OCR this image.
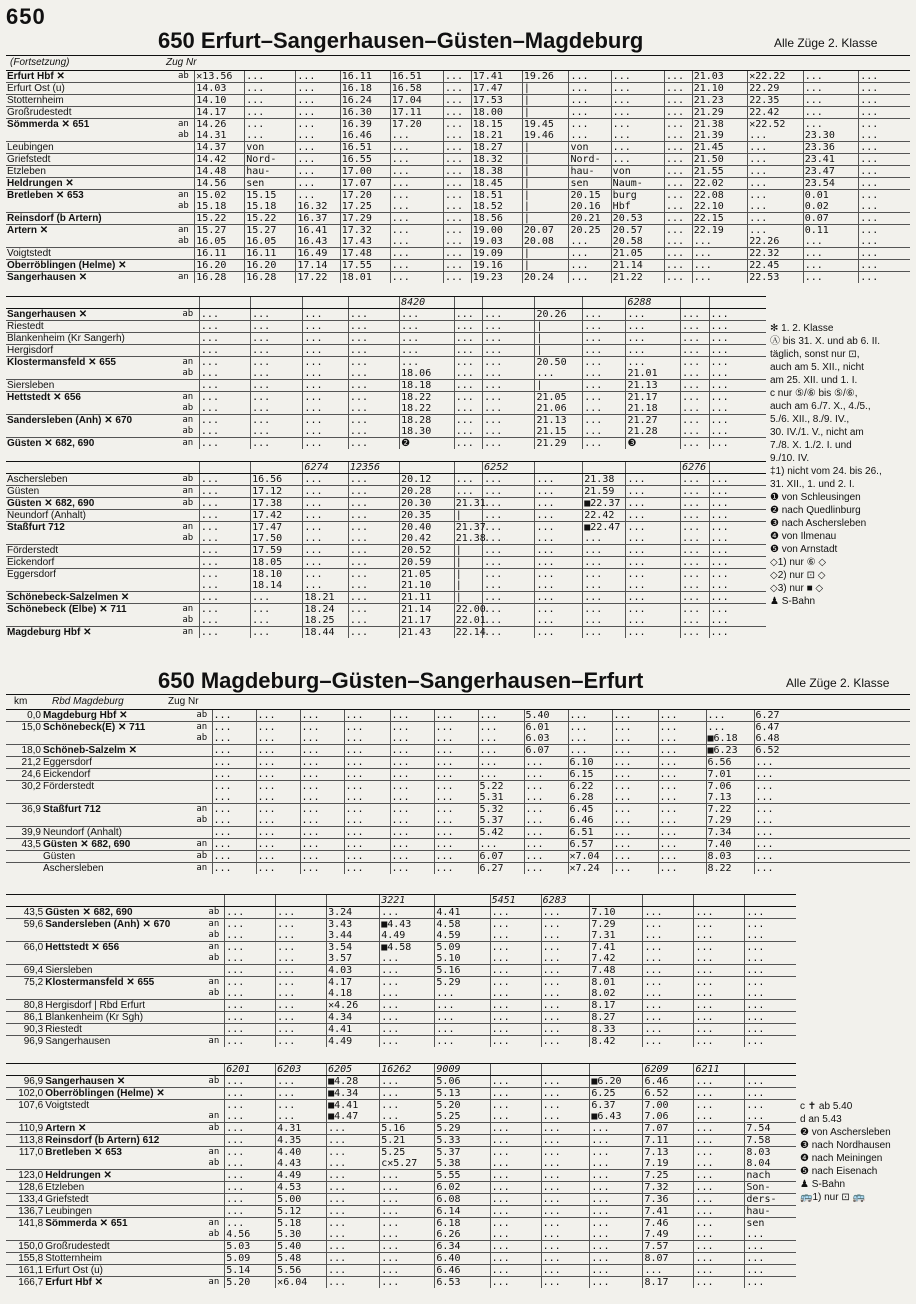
650
650 Erfurt–Sangerhausen–Güsten–Magdeburg	Alle Züge 2. Klasse
(Fortsetzung)	Zug Nr
Erfurt Hbf ✕	ab	✕13.56	...	...	16.11	16.51	...	17.41	19.26	...	...	...	21.03	✕22.22	...	...
Erfurt Ost (u)		14.03	...	...	16.18	16.58	...	17.47	|	...	...	...	21.10	22.29	...	...
Stotternheim		14.10	...	...	16.24	17.04	...	17.53	|	...	...	...	21.23	22.35	...	...
Großrudestedt		14.17	...	...	16.30	17.11	...	18.00	|	...	...	...	21.29	22.42	...	...
Sömmerda ✕ 651	an	14.26	...	...	16.39	17.20	...	18.15	19.45	...	...	...	21.38	✕22.52	...	...
	ab	14.31	...	...	16.46	...	...	18.21	19.46	...	...	...	21.39	...	23.30	...
Leubingen		14.37	von	...	16.51	...	...	18.27	|	von	...	...	21.45	...	23.36	...
Griefstedt		14.42	Nord-	...	16.55	...	...	18.32	|	Nord-	...	...	21.50	...	23.41	...
Etzleben		14.48	hau-	...	17.00	...	...	18.38	|	hau-	von	...	21.55	...	23.47	...
Heldrungen ✕		14.56	sen	...	17.07	...	...	18.45	|	sen	Naum-	...	22.02	...	23.54	...
Bretleben ✕ 653	an	15.02	15.15	...	17.20	...	...	18.51	|	20.15	burg	...	22.08	...	0.01	...
	ab	15.18	15.18	16.32	17.25	...	...	18.52	|	20.16	Hbf	...	22.10	...	0.02	...
Reinsdorf (b Artern)		15.22	15.22	16.37	17.29	...	...	18.56	|	20.21	20.53	...	22.15	...	0.07	...
Artern ✕	an	15.27	15.27	16.41	17.32	...	...	19.00	20.07	20.25	20.57	...	22.19	...	0.11	...
	ab	16.05	16.05	16.43	17.43	...	...	19.03	20.08	...	20.58	...	...	22.26	...	...
Voigtstedt		16.11	16.11	16.49	17.48	...	...	19.09	|	...	21.05	...	...	22.32	...	...
Oberröblingen (Helme) ✕		16.20	16.20	17.14	17.55	...	...	19.16	|	...	21.14	...	...	22.45	...	...
Sangerhausen ✕	an	16.28	16.28	17.22	18.01	...	...	19.23	20.24	...	21.22	...	...	22.53	...	...
						8420					6288		
Sangerhausen ✕	ab	...	...	...	...	...	...	...	20.26	...	...	...	...
Riestedt		...	...	...	...	...	...	...	|	...	...	...	...
Blankenheim (Kr Sangerh)		...	...	...	...	...	...	...	|	...	...	...	...
Hergisdorf		...	...	...	...	...	...	...	|	...	...	...	...
Klostermansfeld ✕ 655	an	...	...	...	...	...	...	...	20.50	...	...	...	...
	ab	...	...	...	...	18.06	...	...	...	...	21.01	...	...
Siersleben		...	...	...	...	18.18	...	...	|	...	21.13	...	...
Hettstedt ✕ 656	an	...	...	...	...	18.22	...	...	21.05	...	21.17	...	...
	ab	...	...	...	...	18.22	...	...	21.06	...	21.18	...	...
Sandersleben (Anh) ✕ 670	an	...	...	...	...	18.28	...	...	21.13	...	21.27	...	...
	ab	...	...	...	...	18.30	...	...	21.15	...	21.28	...	...
Güsten ✕ 682, 690	an	...	...	...	...	❷	...	...	21.29	...	❸	...	...
				6274	12356			6252				6276	
Aschersleben	ab	...	16.56	...	...	20.12	...	...	...	21.38	...	...	...
Güsten	an	...	17.12	...	...	20.28	...	...	...	21.59	...	...	...
Güsten ✕ 682, 690	ab	...	17.38	...	...	20.30	21.31	...	...	■22.37	...	...	...
Neundorf (Anhalt)		...	17.42	...	...	20.35	|	...	...	22.42	...	...	...
Staßfurt 712	an	...	17.47	...	...	20.40	21.37	...	...	■22.47	...	...	...
	ab	...	17.50	...	...	20.42	21.38	...	...	...	...	...	...
Förderstedt		...	17.59	...	...	20.52	|	...	...	...	...	...	...
Eickendorf		...	18.05	...	...	20.59	|	...	...	...	...	...	...
Eggersdorf		...	18.10	...	...	21.05	|	...	...	...	...	...	...
		...	18.14	...	...	21.10	|	...	...	...	...	...	...
Schönebeck-Salzelmen ✕		...	...	18.21	...	21.11	|	...	...	...	...	...	...
Schönebeck (Elbe) ✕ 711	an	...	...	18.24	...	21.14	22.00	...	...	...	...	...	...
	ab	...	...	18.25	...	21.17	22.01	...	...	...	...	...	...
Magdeburg Hbf ✕	an	...	...	18.44	...	21.43	22.14	...	...	...	...	...	...
✻ 1. 2. Klasse
Ⓐ bis 31. X. und ab 6. II.
täglich, sonst nur ⊡,
auch am 5. XII., nicht
am 25. XII. und 1. I.
c nur ⑤/⑥ bis ⑤/⑥,
auch am 6./7. X., 4./5.,
5./6. XII., 8./9. IV.,
30. IV./1. V., nicht am
7./8. X. 1./2. I. und
9./10. IV.
‡1) nicht vom 24. bis 26.,
31. XII., 1. und 2. I.
❶ von Schleusingen
❷ nach Quedlinburg
❸ nach Aschersleben
❹ von Ilmenau
❺ von Arnstadt
◇1) nur ⑥ ◇
◇2) nur ⊡ ◇
◇3) nur ■ ◇
♟ S-Bahn
650 Magdeburg–Güsten–Sangerhausen–Erfurt	Alle Züge 2. Klasse
km Rbd Magdeburg	Zug Nr
0,0	Magdeburg Hbf ✕	ab	...	...	...	...	...	...	...	5.40	...	...	...	...	6.27
15,0	Schönebeck(E) ✕ 711	an	...	...	...	...	...	...	...	6.01	...	...	...	...	6.47
		ab	...	...	...	...	...	...	...	6.03	...	...	...	■6.18	6.48
18,0	Schöneb-Salzelm ✕		...	...	...	...	...	...	...	6.07	...	...	...	■6.23	6.52
21,2	Eggersdorf		...	...	...	...	...	...	...	...	6.10	...	...	6.56	...
24,6	Eickendorf		...	...	...	...	...	...	...	...	6.15	...	...	7.01	...
30,2	Förderstedt		...	...	...	...	...	...	5.22	...	6.22	...	...	7.06	...
			...	...	...	...	...	...	5.31	...	6.28	...	...	7.13	...
36,9	Staßfurt 712	an	...	...	...	...	...	...	5.32	...	6.45	...	...	7.22	...
		ab	...	...	...	...	...	...	5.37	...	6.46	...	...	7.29	...
39,9	Neundorf (Anhalt)		...	...	...	...	...	...	5.42	...	6.51	...	...	7.34	...
43,5	Güsten ✕ 682, 690	an	...	...	...	...	...	...	...	...	6.57	...	...	7.40	...
	Güsten	ab	...	...	...	...	...	...	6.07	...	✕7.04	...	...	8.03	...
	Aschersleben	an	...	...	...	...	...	...	6.27	...	✕7.24	...	...	8.22	...
						3221		5451	6283				
43,5	Güsten ✕ 682, 690	ab	...	...	3.24	...	4.41	...	...	7.10	...	...	...
59,6	Sandersleben (Anh) ✕ 670	an	...	...	3.43	■4.43	4.58	...	...	7.29	...	...	...
		ab	...	...	3.44	4.49	4.59	...	...	7.31	...	...	...
66,0	Hettstedt ✕ 656	an	...	...	3.54	■4.58	5.09	...	...	7.41	...	...	...
		ab	...	...	3.57	...	5.10	...	...	7.42	...	...	...
69,4	Siersleben		...	...	4.03	...	5.16	...	...	7.48	...	...	...
75,2	Klostermansfeld ✕ 655	an	...	...	4.17	...	5.29	...	...	8.01	...	...	...
		ab	...	...	4.18	...	...	...	...	8.02	...	...	...
80,8	Hergisdorf | Rbd Erfurt		...	...	✕4.26	...	...	...	...	8.17	...	...	...
86,1	Blankenheim (Kr Sgh)		...	...	4.34	...	...	...	...	8.27	...	...	...
90,3	Riestedt		...	...	4.41	...	...	...	...	8.33	...	...	...
96,9	Sangerhausen	an	...	...	4.49	...	...	...	...	8.42	...	...	...
			6201	6203	6205	16262	9009				6209	6211	
96,9	Sangerhausen ✕	ab	...	...	■4.28	...	5.06	...	...	■6.20	6.46	...	...
102,0	Oberröblingen (Helme) ✕		...	...	■4.34	...	5.13	...	...	6.25	6.52	...	...
107,6	Voigtstedt		...	...	■4.41	...	5.20	...	...	6.37	7.00	...	...
		an	...	...	■4.47	...	5.25	...	...	■6.43	7.06	...	...
110,9	Artern ✕	ab	...	4.31	...	5.16	5.29	...	...	...	7.07	...	7.54
113,8	Reinsdorf (b Artern) 612		...	4.35	...	5.21	5.33	...	...	...	7.11	...	7.58
117,0	Bretleben ✕ 653	an	...	4.40	...	5.25	5.37	...	...	...	7.13	...	8.03
		ab	...	4.43	...	c✕5.27	5.38	...	...	...	7.19	...	8.04
123,0	Heldrungen ✕		...	4.49	...	...	5.55	...	...	...	7.25	...	nach
128,6	Etzleben		...	4.53	...	...	6.02	...	...	...	7.32	...	Son-
133,4	Griefstedt		...	5.00	...	...	6.08	...	...	...	7.36	...	ders-
136,7	Leubingen		...	5.12	...	...	6.14	...	...	...	7.41	...	hau-
141,8	Sömmerda ✕ 651	an	...	5.18	...	...	6.18	...	...	...	7.46	...	sen
		ab	4.56	5.30	...	...	6.26	...	...	...	7.49	...	...
150,0	Großrudestedt		5.03	5.40	...	...	6.34	...	...	...	7.57	...	...
155,8	Stotternheim		5.09	5.48	...	...	6.40	...	...	...	8.07	...	...
161,1	Erfurt Ost (u)		5.14	5.56	...	...	6.46	...	...	...	...	...	...
166,7	Erfurt Hbf ✕	an	5.20	✕6.04	...	...	6.53	...	...	...	8.17	...	...
c ✝ ab 5.40
d an 5.43
❷ von Aschersleben
❸ nach Nordhausen
❹ nach Meiningen
❺ nach Eisenach
♟ S-Bahn
🚌1) nur ⊡ 🚌
